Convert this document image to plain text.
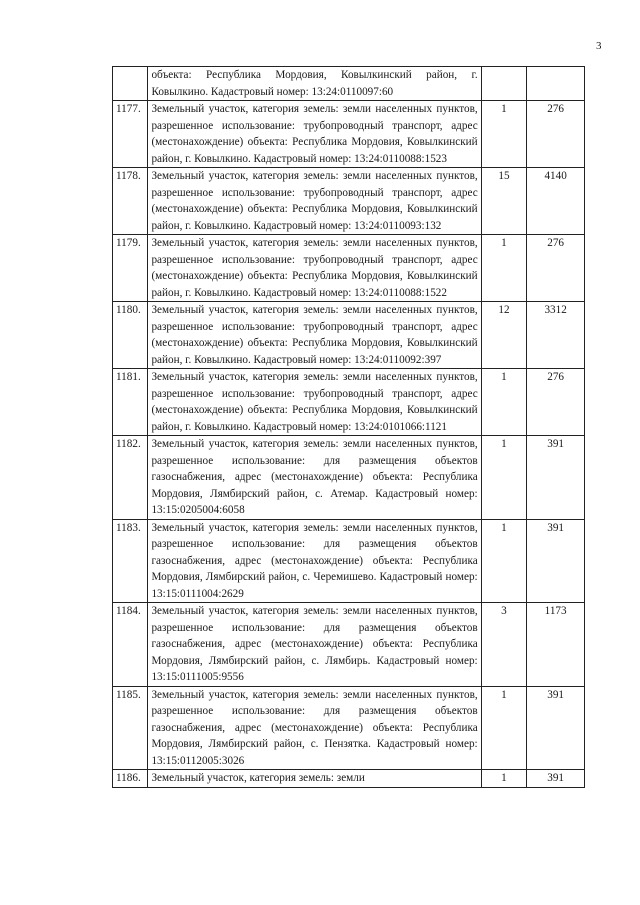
3

	объекта: Республика Мордовия, Ковылкинский район, г. Ковылкино. Кадастровый номер: 13:24:0110097:60		

1177.	Земельный участок, категория земель: земли населенных пунктов, разрешенное использование: трубопроводный транспорт, адрес (местонахождение) объекта: Республика Мордовия, Ковылкинский район, г. Ковылкино. Кадастровый номер: 13:24:0110088:1523	1	276

1178.	Земельный участок, категория земель: земли населенных пунктов, разрешенное использование: трубопроводный транспорт, адрес (местонахождение) объекта: Республика Мордовия, Ковылкинский район, г. Ковылкино. Кадастровый номер: 13:24:0110093:132	15	4140

1179.	Земельный участок, категория земель: земли населенных пунктов, разрешенное использование: трубопроводный транспорт, адрес (местонахождение) объекта: Республика Мордовия, Ковылкинский район, г. Ковылкино. Кадастровый номер: 13:24:0110088:1522	1	276

1180.	Земельный участок, категория земель: земли населенных пунктов, разрешенное использование: трубопроводный транспорт, адрес (местонахождение) объекта: Республика Мордовия, Ковылкинский район, г. Ковылкино. Кадастровый номер: 13:24:0110092:397	12	3312

1181.	Земельный участок, категория земель: земли населенных пунктов, разрешенное использование: трубопроводный транспорт, адрес (местонахождение) объекта: Республика Мордовия, Ковылкинский район, г. Ковылкино. Кадастровый номер: 13:24:0101066:1121	1	276

1182.	Земельный участок, категория земель: земли населенных пунктов, разрешенное использование: для размещения объектов газоснабжения, адрес (местонахождение) объекта: Республика Мордовия, Лямбирский район, с. Атемар. Кадастровый номер: 13:15:0205004:6058	1	391

1183.	Земельный участок, категория земель: земли населенных пунктов, разрешенное использование: для размещения объектов газоснабжения, адрес (местонахождение) объекта: Республика Мордовия, Лямбирский район, с. Черемишево. Кадастровый номер: 13:15:0111004:2629	1	391

1184.	Земельный участок, категория земель: земли населенных пунктов, разрешенное использование: для размещения объектов газоснабжения, адрес (местонахождение) объекта: Республика Мордовия, Лямбирский район, с. Лямбирь. Кадастровый номер: 13:15:0111005:9556	3	1173

1185.	Земельный участок, категория земель: земли населенных пунктов, разрешенное использование: для размещения объектов газоснабжения, адрес (местонахождение) объекта: Республика Мордовия, Лямбирский район, с. Пензятка. Кадастровый номер: 13:15:0112005:3026	1	391

1186.	Земельный участок, категория земель: земли	1	391
